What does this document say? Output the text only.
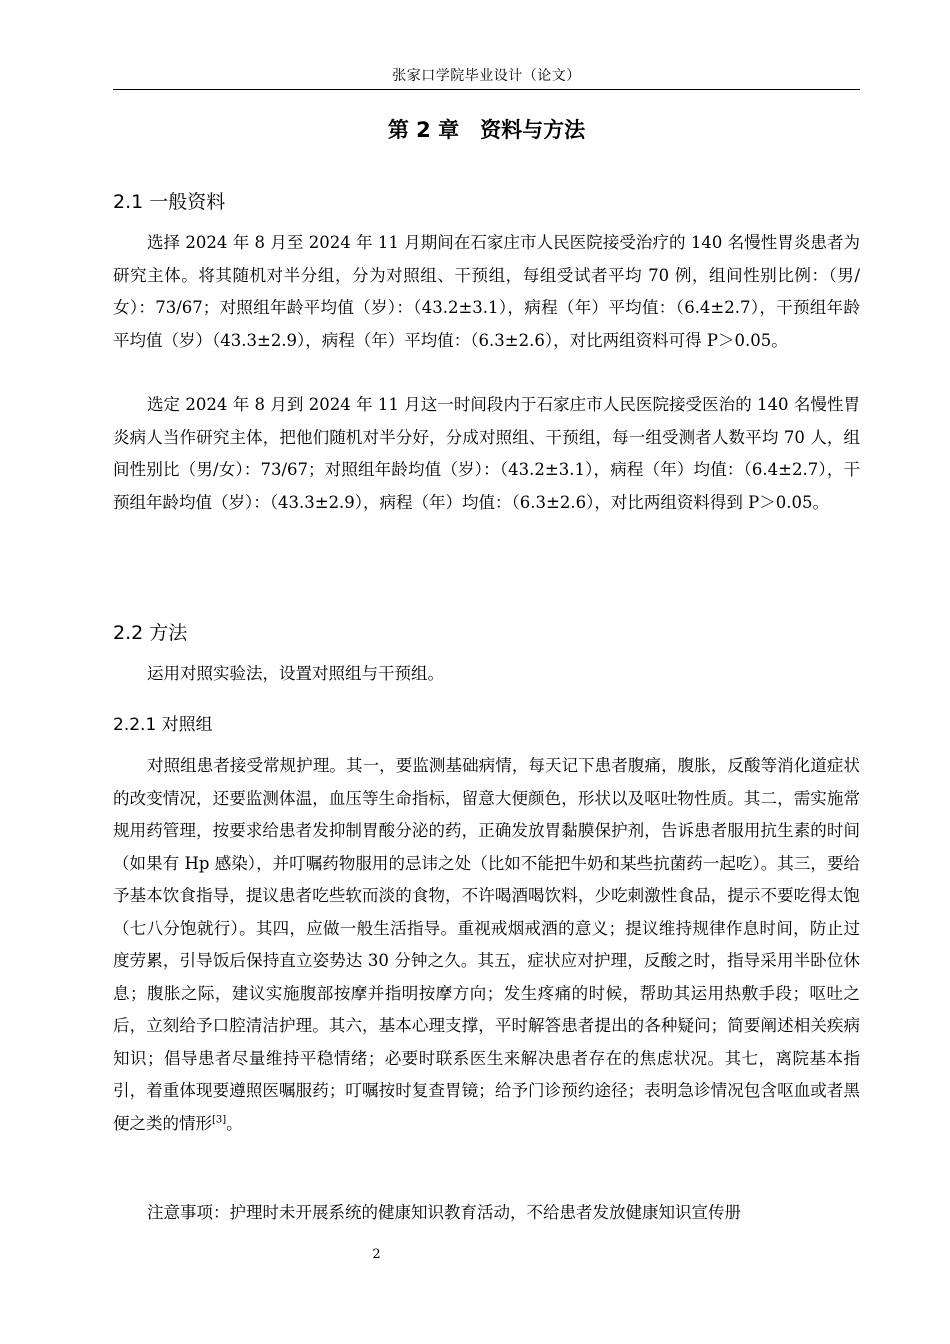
张家口学院毕业设计（论文）
第 2 章　资料与方法
2.1 一般资料

选择 2024 年 8 月至 2024 年 11 月期间在石家庄市人民医院接受治疗的 140 名慢性胃炎患者为研究主体。将其随机对半分组，分为对照组、干预组，每组受试者平均 70 例，组间性别比例：（男/女）：73/67；对照组年龄平均值（岁）：（43.2±3.1），病程（年）平均值：（6.4±2.7），干预组年龄平均值（岁）（43.3±2.9），病程（年）平均值：（6.3±2.6），对比两组资料可得 P＞0.05。

选定 2024 年 8 月到 2024 年 11 月这一时间段内于石家庄市人民医院接受医治的 140 名慢性胃炎病人当作研究主体，把他们随机对半分好，分成对照组、干预组，每一组受测者人数平均 70 人，组间性别比（男/女）：73/67；对照组年龄均值（岁）：（43.2±3.1），病程（年）均值：（6.4±2.7），干预组年龄均值（岁）：（43.3±2.9），病程（年）均值：（6.3±2.6），对比两组资料得到 P＞0.05。

2.2 方法

运用对照实验法，设置对照组与干预组。

2.2.1 对照组

对照组患者接受常规护理。其一，要监测基础病情，每天记下患者腹痛，腹胀，反酸等消化道症状的改变情况，还要监测体温，血压等生命指标，留意大便颜色，形状以及呕吐物性质。其二，需实施常规用药管理，按要求给患者发抑制胃酸分泌的药，正确发放胃黏膜保护剂，告诉患者服用抗生素的时间（如果有 Hp 感染），并叮嘱药物服用的忌讳之处（比如不能把牛奶和某些抗菌药一起吃）。其三，要给予基本饮食指导，提议患者吃些软而淡的食物，不许喝酒喝饮料，少吃刺激性食品，提示不要吃得太饱（七八分饱就行）。其四，应做一般生活指导。重视戒烟戒酒的意义；提议维持规律作息时间，防止过度劳累，引导饭后保持直立姿势达 30 分钟之久。其五，症状应对护理，反酸之时，指导采用半卧位休息；腹胀之际，建议实施腹部按摩并指明按摩方向；发生疼痛的时候，帮助其运用热敷手段；呕吐之后，立刻给予口腔清洁护理。其六，基本心理支撑，平时解答患者提出的各种疑问；简要阐述相关疾病知识；倡导患者尽量维持平稳情绪；必要时联系医生来解决患者存在的焦虑状况。其七，离院基本指引，着重体现要遵照医嘱服药；叮嘱按时复查胃镜；给予门诊预约途径；表明急诊情况包含呕血或者黑便之类的情形[3]。

注意事项：护理时未开展系统的健康知识教育活动，不给患者发放健康知识宣传册

2
